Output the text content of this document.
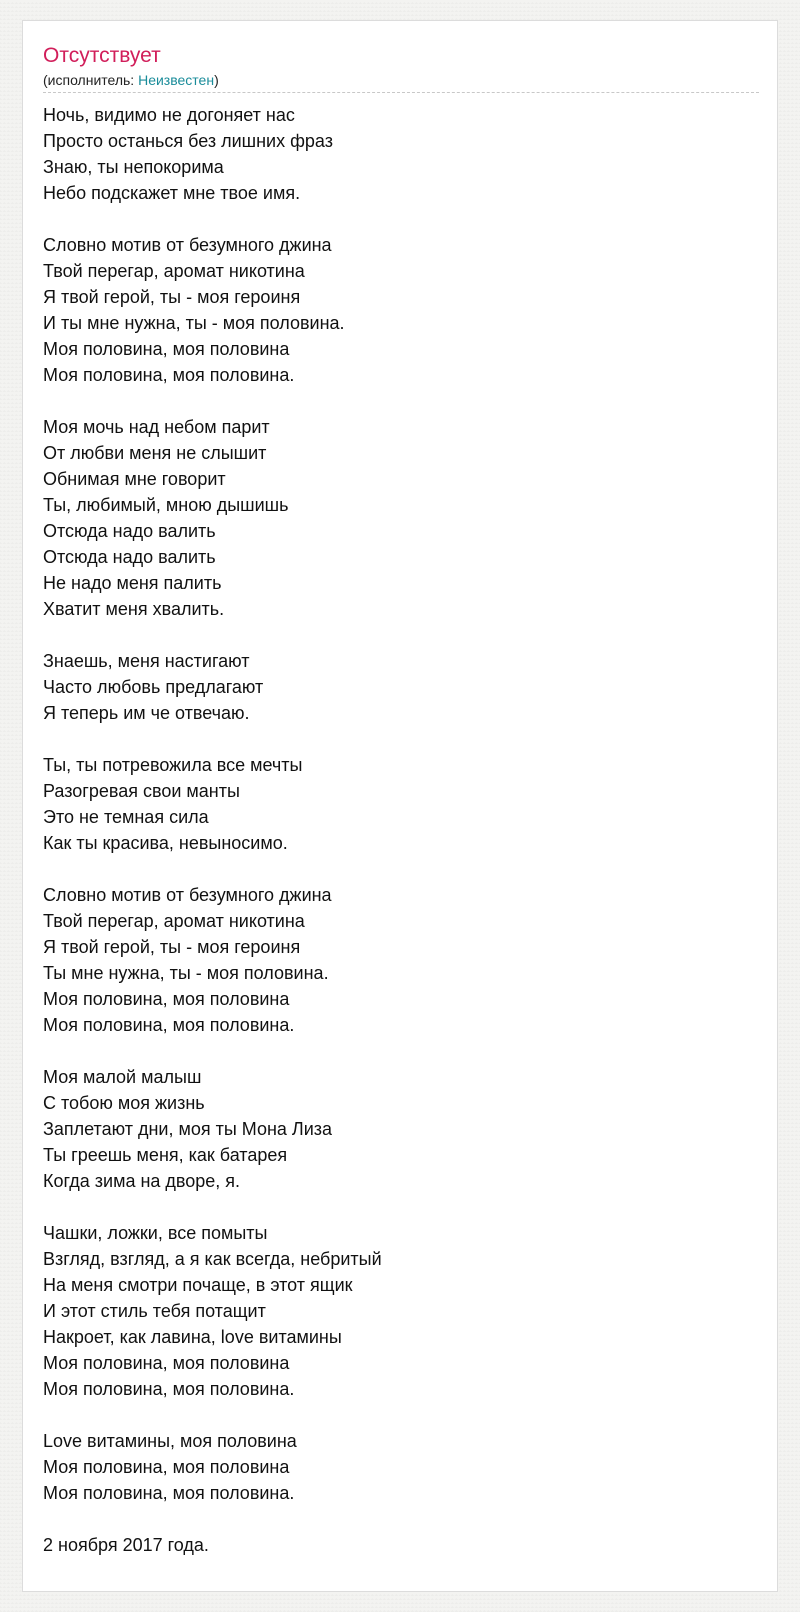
Отсутствует
(исполнитель: Неизвестен)
Ночь, видимо не догоняет нас
Просто останься без лишних фраз
Знаю, ты непокорима
Небо подскажет мне твое имя.
Словно мотив от безумного джина
Твой перегар, аромат никотина
Я твой герой, ты - моя героиня
И ты мне нужна, ты - моя половина.
Моя половина, моя половина
Моя половина, моя половина.
Моя мочь над небом парит
От любви меня не слышит
Обнимая мне говорит
Ты, любимый, мною дышишь
Отсюда надо валить
Отсюда надо валить
Не надо меня палить
Хватит меня хвалить.
Знаешь, меня настигают
Часто любовь предлагают
Я теперь им че отвечаю.
Ты, ты потревожила все мечты
Разогревая свои манты
Это не темная сила
Как ты красива, невыносимо.
Словно мотив от безумного джина
Твой перегар, аромат никотина
Я твой герой, ты - моя героиня
Ты мне нужна, ты - моя половина.
Моя половина, моя половина
Моя половина, моя половина.
Моя малой малыш
С тобою моя жизнь
Заплетают дни, моя ты Мона Лиза
Ты греешь меня, как батарея
Когда зима на дворе, я.
Чашки, ложки, все помыты
Взгляд, взгляд, а я как всегда, небритый
На меня смотри почаще, в этот ящик
И этот стиль тебя потащит
Накроет, как лавина, love витамины
Моя половина, моя половина
Моя половина, моя половина.
Love витамины, моя половина
Моя половина, моя половина
Моя половина, моя половина.
2 ноября 2017 года.
